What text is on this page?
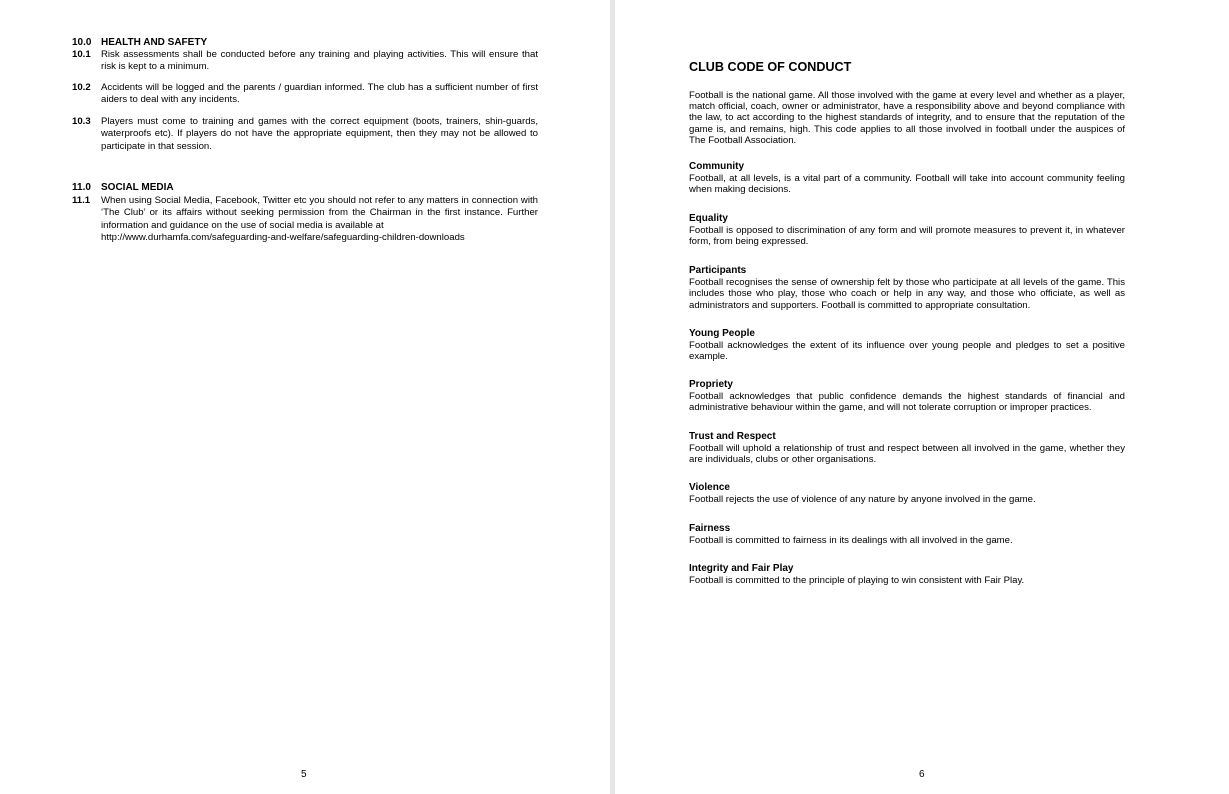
10.0 HEALTH AND SAFETY
10.1	Risk assessments shall be conducted before any training and playing activities. This will ensure that risk is kept to a minimum.
10.2	Accidents will be logged and the parents / guardian informed. The club has a sufficient number of first aiders to deal with any incidents.
10.3	Players must come to training and games with the correct equipment (boots, trainers, shin-guards, waterproofs etc). If players do not have the appropriate equipment, then they may not be allowed to participate in that session.
11.0 SOCIAL MEDIA
11.1	When using Social Media, Facebook, Twitter etc you should not refer to any matters in connection with ‘The Club’ or its affairs without seeking permission from the Chairman in the first instance. Further information and guidance on the use of social media is available at
http://www.durhamfa.com/safeguarding-and-welfare/safeguarding-children-downloads
5
CLUB CODE OF CONDUCT
Football is the national game. All those involved with the game at every level and whether as a player, match official, coach, owner or administrator, have a responsibility above and beyond compliance with the law, to act according to the highest standards of integrity, and to ensure that the reputation of the game is, and remains, high. This code applies to all those involved in football under the auspices of The Football Association.
Community
Football, at all levels, is a vital part of a community. Football will take into account community feeling when making decisions.
Equality
Football is opposed to discrimination of any form and will promote measures to prevent it, in whatever form, from being expressed.
Participants
Football recognises the sense of ownership felt by those who participate at all levels of the game. This includes those who play, those who coach or help in any way, and those who officiate, as well as administrators and supporters. Football is committed to appropriate consultation.
Young People
Football acknowledges the extent of its influence over young people and pledges to set a positive example.
Propriety
Football acknowledges that public confidence demands the highest standards of financial and administrative behaviour within the game, and will not tolerate corruption or improper practices.
Trust and Respect
Football will uphold a relationship of trust and respect between all involved in the game, whether they are individuals, clubs or other organisations.
Violence
Football rejects the use of violence of any nature by anyone involved in the game.
Fairness
Football is committed to fairness in its dealings with all involved in the game.
Integrity and Fair Play
Football is committed to the principle of playing to win consistent with Fair Play.
6
